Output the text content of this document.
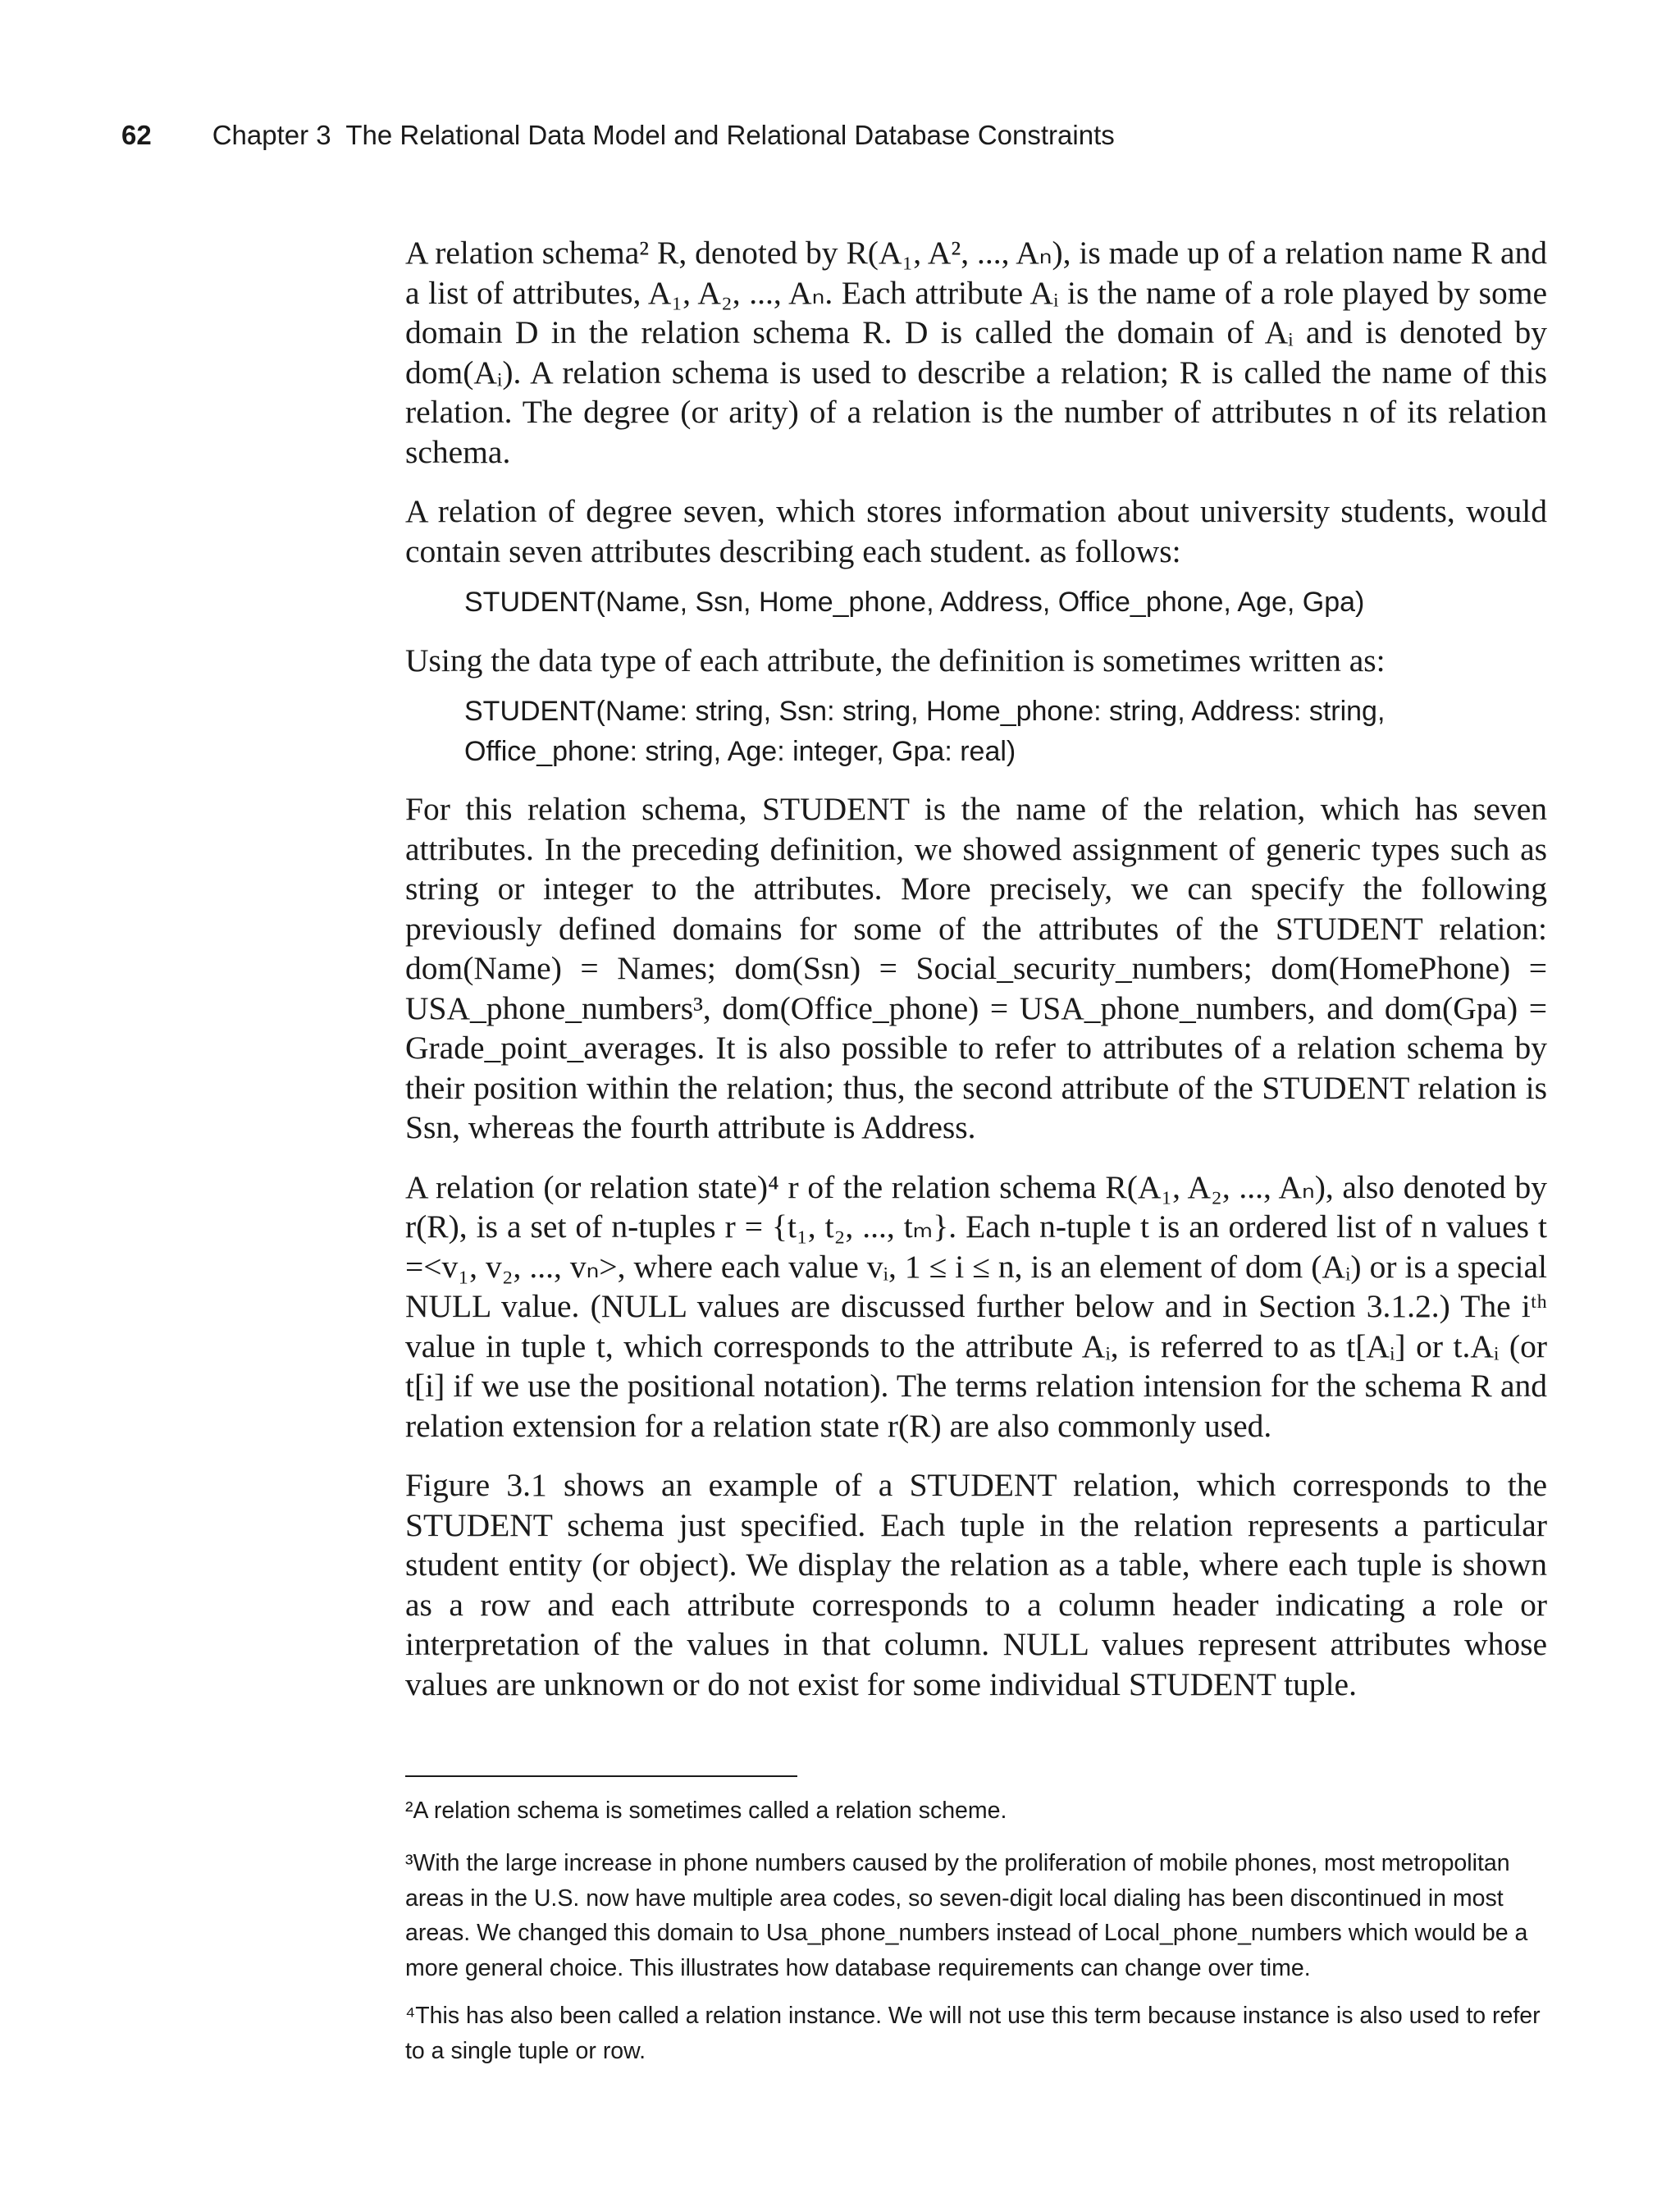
62 Chapter 3  The Relational Data Model and Relational Database Constraints

A relation schema² R, denoted by R(A₁, A², ..., Aₙ), is made up of a relation name R and a list of attributes, A₁, A₂, ..., Aₙ. Each attribute Aᵢ is the name of a role played by some domain D in the relation schema R. D is called the domain of Aᵢ and is denoted by dom(Aᵢ). A relation schema is used to describe a relation; R is called the name of this relation. The degree (or arity) of a relation is the number of attributes n of its relation schema.

A relation of degree seven, which stores information about university students, would contain seven attributes describing each student. as follows:

STUDENT(Name, Ssn, Home_phone, Address, Office_phone, Age, Gpa)

Using the data type of each attribute, the definition is sometimes written as:

STUDENT(Name: string, Ssn: string, Home_phone: string, Address: string, Office_phone: string, Age: integer, Gpa: real)

For this relation schema, STUDENT is the name of the relation, which has seven attributes. In the preceding definition, we showed assignment of generic types such as string or integer to the attributes. More precisely, we can specify the following previously defined domains for some of the attributes of the STUDENT relation: dom(Name) = Names; dom(Ssn) = Social_security_numbers; dom(HomePhone) = USA_phone_numbers³, dom(Office_phone) = USA_phone_numbers, and dom(Gpa) = Grade_point_averages. It is also possible to refer to attributes of a relation schema by their position within the relation; thus, the second attribute of the STUDENT relation is Ssn, whereas the fourth attribute is Address.

A relation (or relation state)⁴ r of the relation schema R(A₁, A₂, ..., Aₙ), also denoted by r(R), is a set of n-tuples r = {t₁, t₂, ..., tₘ}. Each n-tuple t is an ordered list of n values t =<v₁, v₂, ..., vₙ>, where each value vᵢ, 1 ≤ i ≤ n, is an element of dom (Aᵢ) or is a special NULL value. (NULL values are discussed further below and in Section 3.1.2.) The iᵗʰ value in tuple t, which corresponds to the attribute Aᵢ, is referred to as t[Aᵢ] or t.Aᵢ (or t[i] if we use the positional notation). The terms relation intension for the schema R and relation extension for a relation state r(R) are also commonly used.

Figure 3.1 shows an example of a STUDENT relation, which corresponds to the STUDENT schema just specified. Each tuple in the relation represents a particular student entity (or object). We display the relation as a table, where each tuple is shown as a row and each attribute corresponds to a column header indicating a role or interpretation of the values in that column. NULL values represent attributes whose values are unknown or do not exist for some individual STUDENT tuple.

²A relation schema is sometimes called a relation scheme.
³With the large increase in phone numbers caused by the proliferation of mobile phones, most metropolitan areas in the U.S. now have multiple area codes, so seven-digit local dialing has been discontinued in most areas. We changed this domain to Usa_phone_numbers instead of Local_phone_numbers which would be a more general choice. This illustrates how database requirements can change over time.
⁴This has also been called a relation instance. We will not use this term because instance is also used to refer to a single tuple or row.
